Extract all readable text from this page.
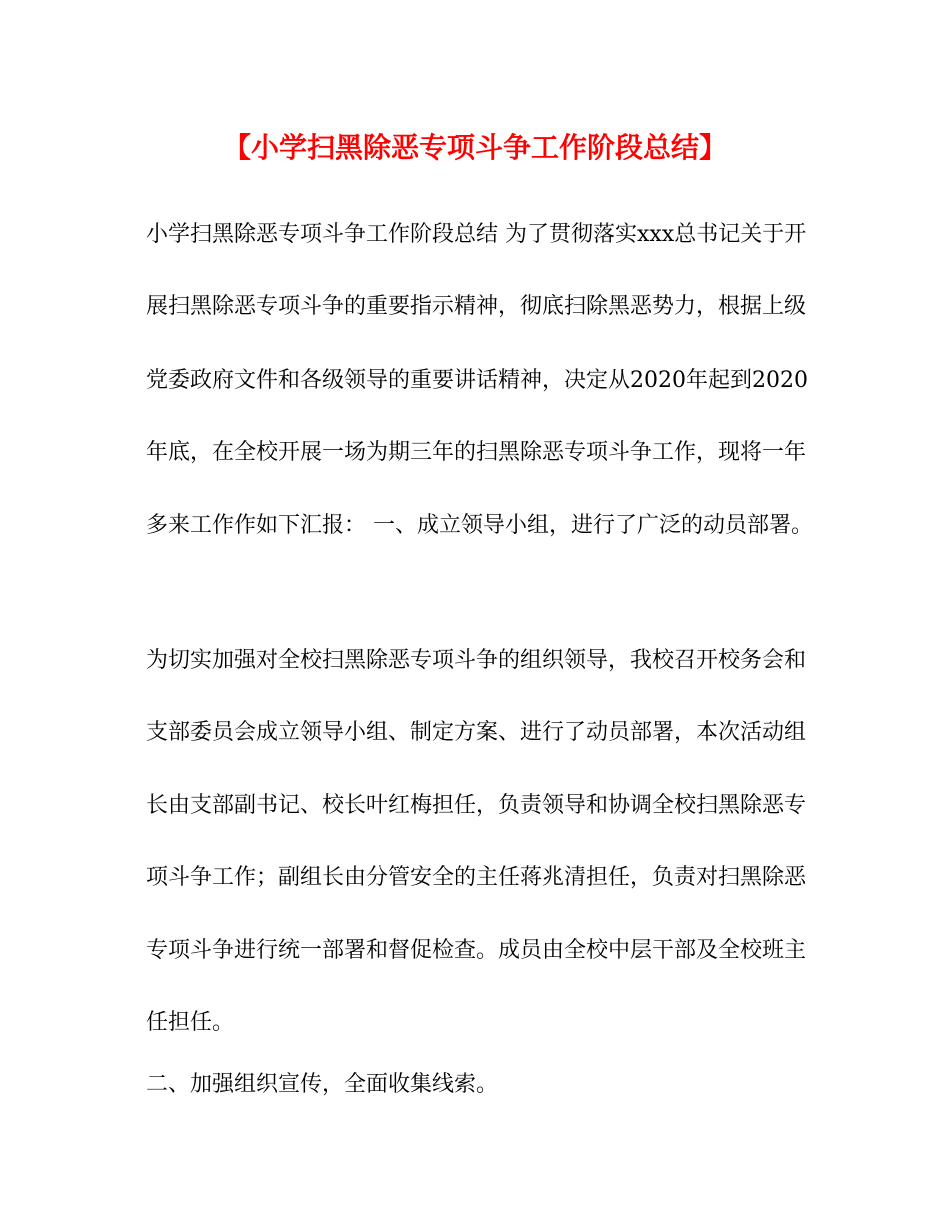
【小学扫黑除恶专项斗争工作阶段总结】
小学扫黑除恶专项斗争工作阶段总结 为了贯彻落实xxx总书记关于开
展扫黑除恶专项斗争的重要指示精神，彻底扫除黑恶势力，根据上级
党委政府文件和各级领导的重要讲话精神，决定从2020年起到2020
年底，在全校开展一场为期三年的扫黑除恶专项斗争工作，现将一年
多来工作作如下汇报： 一、成立领导小组，进行了广泛的动员部署。
为切实加强对全校扫黑除恶专项斗争的组织领导，我校召开校务会和
支部委员会成立领导小组、制定方案、进行了动员部署，本次活动组
长由支部副书记、校长叶红梅担任，负责领导和协调全校扫黑除恶专
项斗争工作；副组长由分管安全的主任蒋兆清担任，负责对扫黑除恶
专项斗争进行统一部署和督促检查。成员由全校中层干部及全校班主
任担任。
二、加强组织宣传，全面收集线索。
